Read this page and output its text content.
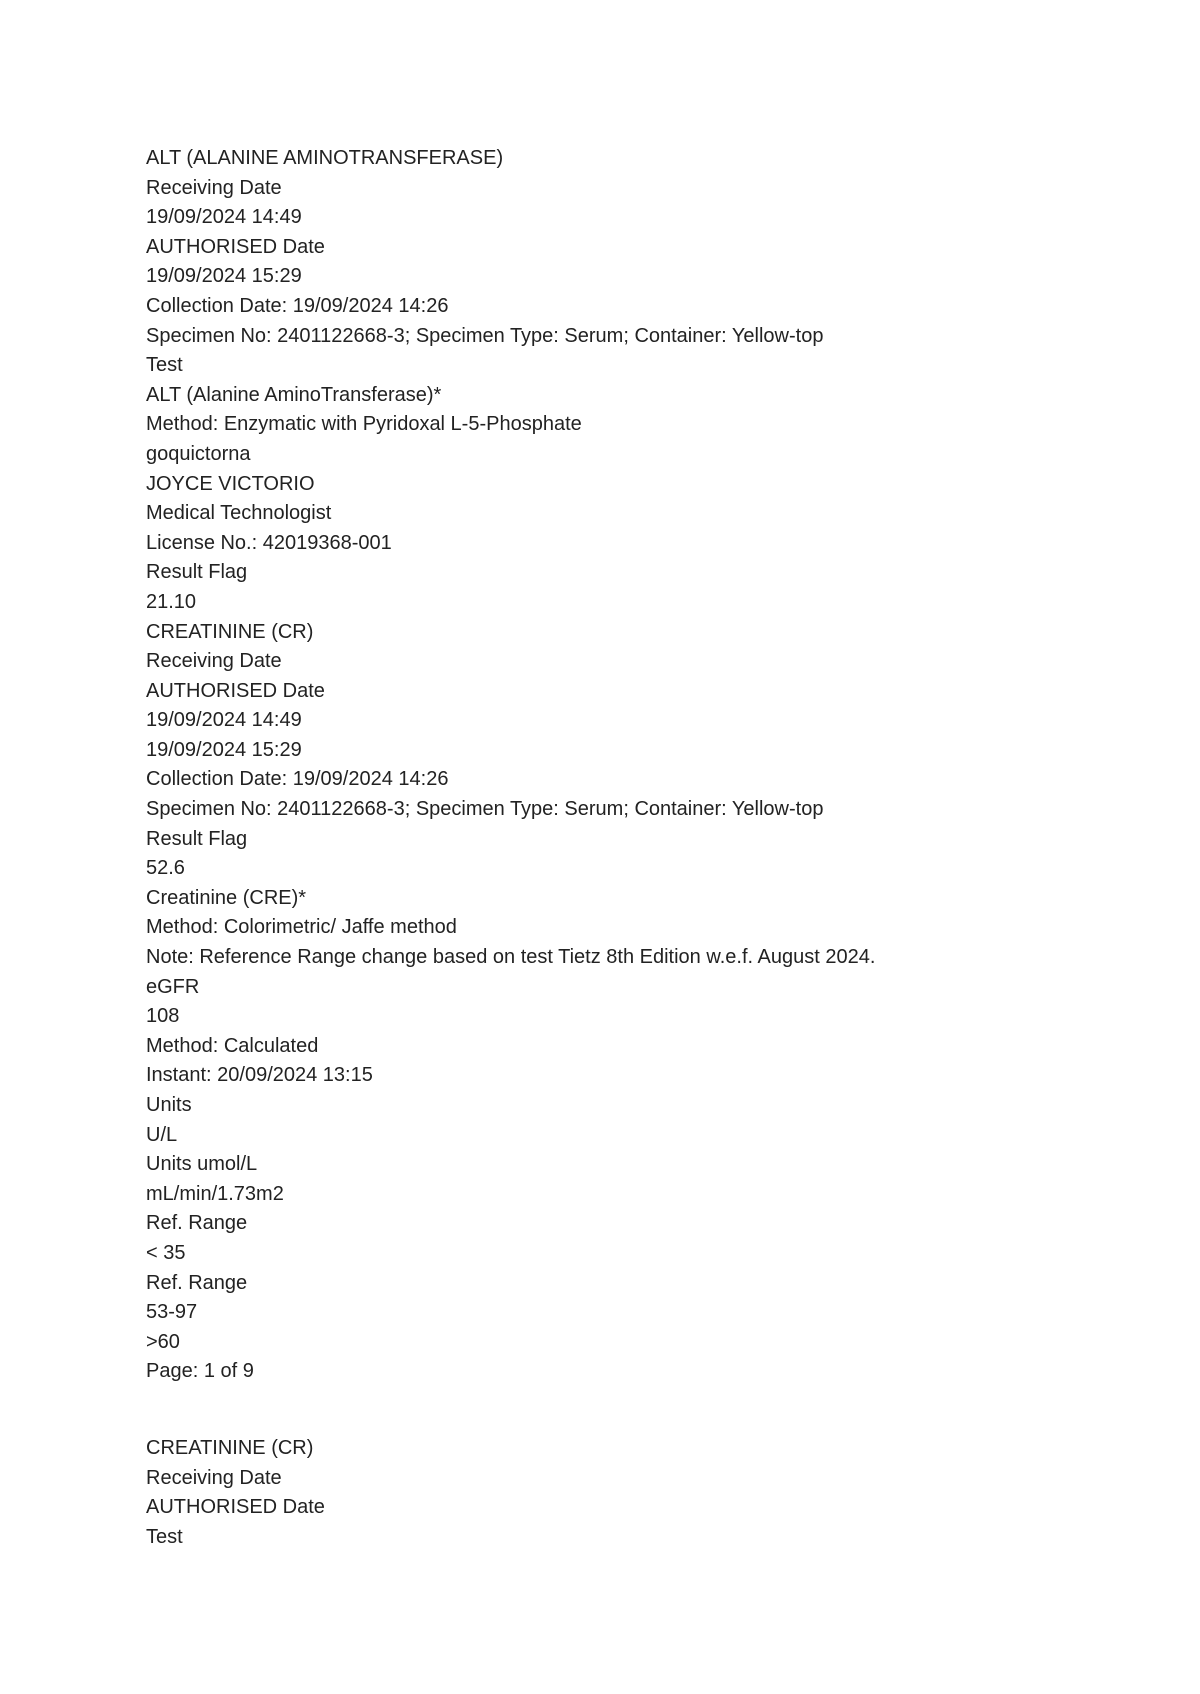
ALT (ALANINE AMINOTRANSFERASE)
Receiving Date
19/09/2024 14:49
AUTHORISED Date
19/09/2024 15:29
Collection Date: 19/09/2024 14:26
Specimen No: 2401122668-3; Specimen Type: Serum; Container: Yellow-top
Test
ALT (Alanine AminoTransferase)*
Method: Enzymatic with Pyridoxal L-5-Phosphate
goquictorna
JOYCE VICTORIO
Medical Technologist
License No.: 42019368-001
Result Flag
21.10
CREATININE (CR)
Receiving Date
AUTHORISED Date
19/09/2024 14:49
19/09/2024 15:29
Collection Date: 19/09/2024 14:26
Specimen No: 2401122668-3; Specimen Type: Serum; Container: Yellow-top
Result Flag
52.6
Creatinine (CRE)*
Method: Colorimetric/ Jaffe method
Note: Reference Range change based on test Tietz 8th Edition w.e.f. August 2024.
eGFR
108
Method: Calculated
Instant: 20/09/2024 13:15
Units
U/L
Units umol/L
mL/min/1.73m2
Ref. Range
< 35
Ref. Range
53-97
>60
Page: 1 of 9
CREATININE (CR)
Receiving Date
AUTHORISED Date
Test
